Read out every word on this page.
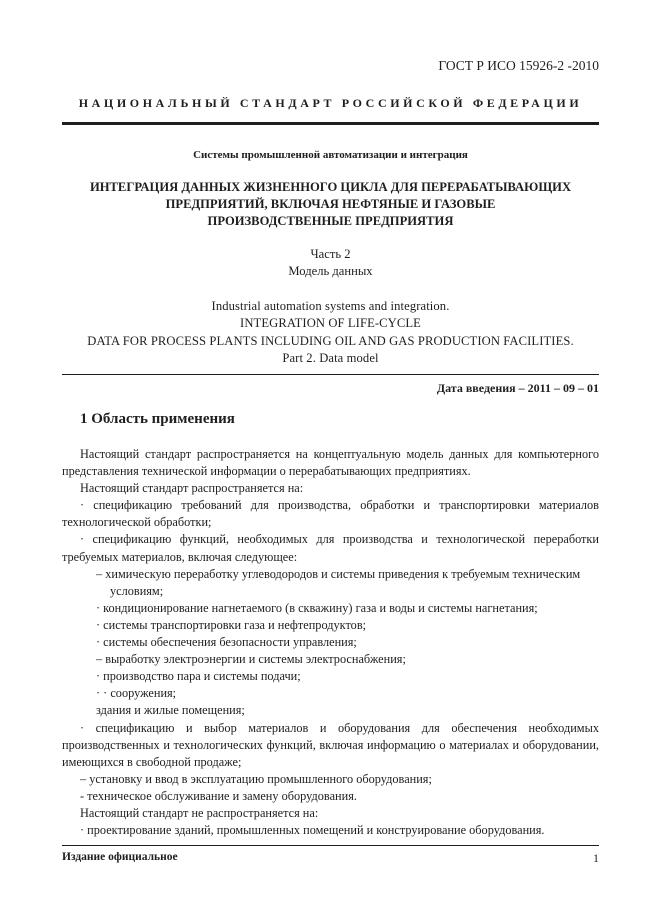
ГОСТ Р ИСО 15926-2 -2010
НАЦИОНАЛЬНЫЙ СТАНДАРТ РОССИЙСКОЙ ФЕДЕРАЦИИ
Системы промышленной автоматизации и интеграция
ИНТЕГРАЦИЯ ДАННЫХ ЖИЗНЕННОГО ЦИКЛА ДЛЯ ПЕРЕРАБАТЫВАЮЩИХ
ПРЕДПРИЯТИЙ, ВКЛЮЧАЯ НЕФТЯНЫЕ И ГАЗОВЫЕ
ПРОИЗВОДСТВЕННЫЕ ПРЕДПРИЯТИЯ
Часть 2
Модель данных
Industrial automation systems and integration.
INTEGRATION OF LIFE-CYCLE
DATA FOR PROCESS PLANTS INCLUDING OIL AND GAS PRODUCTION FACILITIES.
Part 2. Data model
Дата введения – 2011 – 09 – 01
1 Область применения

Настоящий стандарт распространяется на концептуальную модель данных для компьютерного представления технической информации о перерабатывающих предприятиях.

Настоящий стандарт распространяется на:

· спецификацию требований для производства, обработки и транспортировки материалов технологической обработки;

· спецификацию функций, необходимых для производства и технологической переработки требуемых материалов, включая следующее:

– химическую переработку углеводородов и системы приведения к требуемым техническим условиям;

· кондиционирование нагнетаемого (в скважину) газа и воды и системы нагнетания;

· системы транспортировки газа и нефтепродуктов;

· системы обеспечения безопасности управления;

– выработку электроэнергии и системы электроснабжения;

· производство пара и системы подачи;

· · сооружения;

здания и жилые помещения;

· спецификацию и выбор материалов и оборудования для обеспечения необходимых производственных и технологических функций, включая информацию о материалах и оборудовании, имеющихся в свободной продаже;

– установку и ввод в эксплуатацию промышленного оборудования;

- техническое обслуживание и замену оборудования.

Настоящий стандарт не распространяется на:

· проектирование зданий, промышленных помещений и конструирование оборудования.

Издание официальное	1
